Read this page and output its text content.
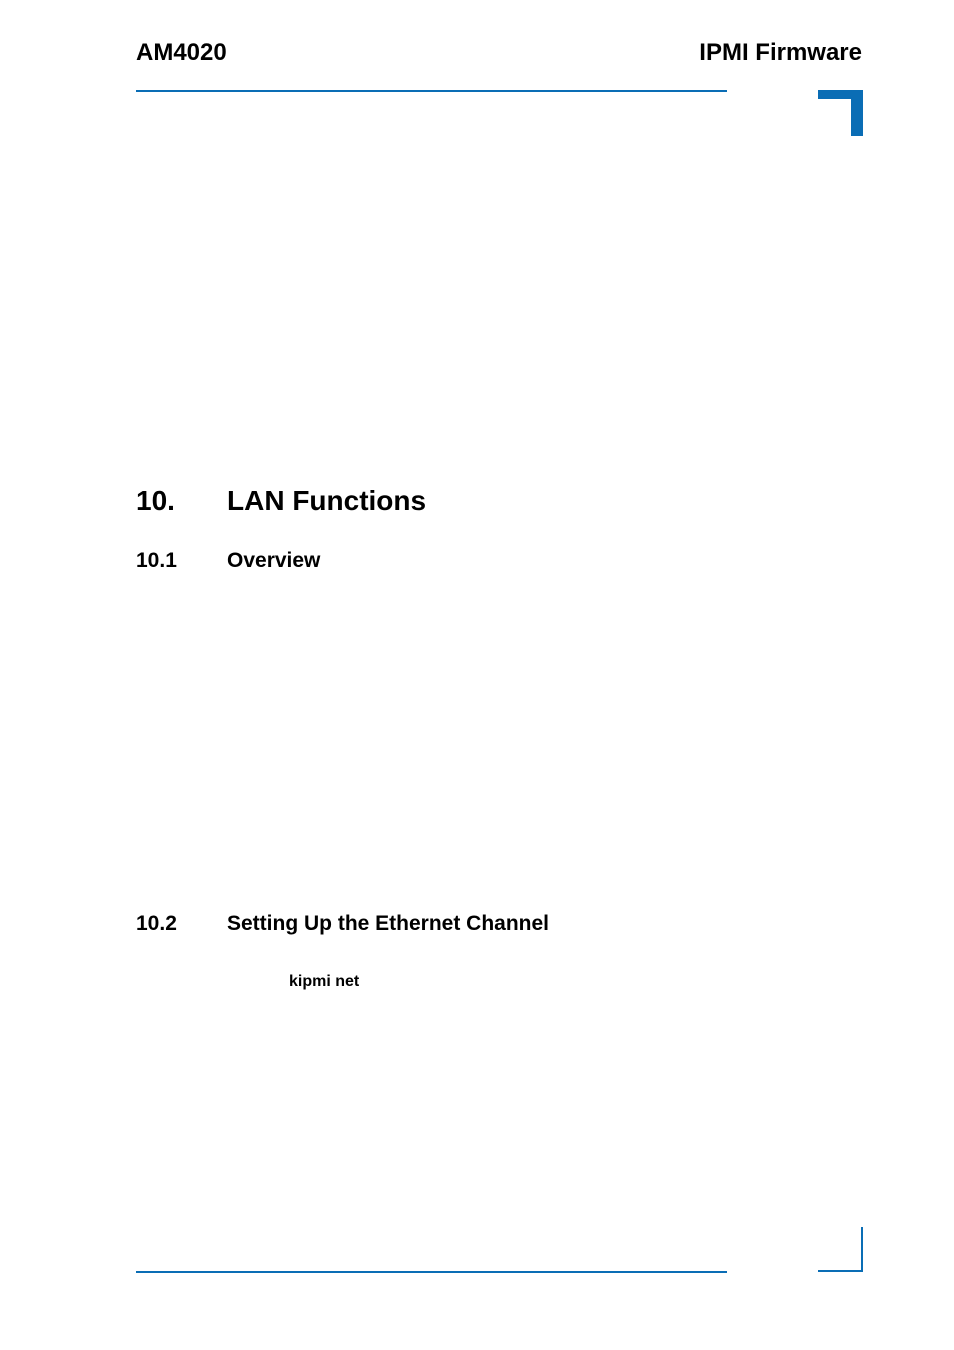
AM4020	IPMI Firmware
10. LAN Functions
10.1 Overview
10.2 Setting Up the Ethernet Channel
kipmi net
